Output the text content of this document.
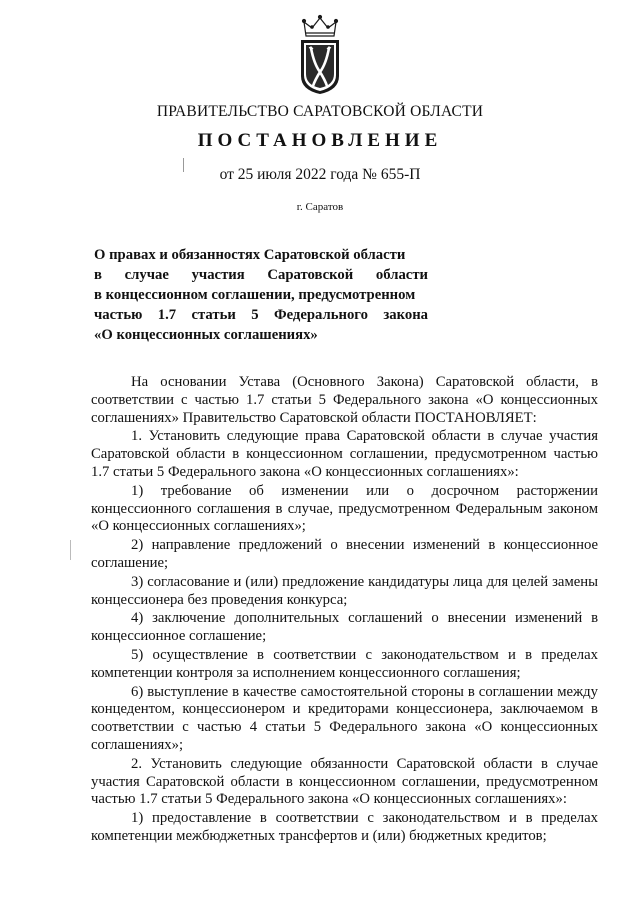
ПРАВИТЕЛЬСТВО САРАТОВСКОЙ ОБЛАСТИ
ПОСТАНОВЛЕНИЕ
от 25 июля 2022 года № 655-П
г. Саратов
О правах и обязанностях Саратовской области
в случае участия Саратовской области
в концессионном соглашении, предусмотренном
частью 1.7 статьи 5 Федерального закона
«О концессионных соглашениях»

На основании Устава (Основного Закона) Саратовской области, в соответствии с частью 1.7 статьи 5 Федерального закона «О концессионных соглашениях» Правительство Саратовской области ПОСТАНОВЛЯЕТ:

1. Установить следующие права Саратовской области в случае участия Саратовской области в концессионном соглашении, предусмотренном частью 1.7 статьи 5 Федерального закона «О концессионных соглашениях»:

1) требование об изменении или о досрочном расторжении концессионного соглашения в случае, предусмотренном Федеральным законом «О концессионных соглашениях»;

2) направление предложений о внесении изменений в концессионное соглашение;

3) согласование и (или) предложение кандидатуры лица для целей замены концессионера без проведения конкурса;

4) заключение дополнительных соглашений о внесении изменений в концессионное соглашение;

5) осуществление в соответствии с законодательством и в пределах компетенции контроля за исполнением концессионного соглашения;

6) выступление в качестве самостоятельной стороны в соглашении между концедентом, концессионером и кредиторами концессионера, заключаемом в соответствии с частью 4 статьи 5 Федерального закона «О концессионных соглашениях»;

2. Установить следующие обязанности Саратовской области в случае участия Саратовской области в концессионном соглашении, предусмотренном частью 1.7 статьи 5 Федерального закона «О концессионных соглашениях»:

1) предоставление в соответствии с законодательством и в пределах компетенции межбюджетных трансфертов и (или) бюджетных кредитов;
